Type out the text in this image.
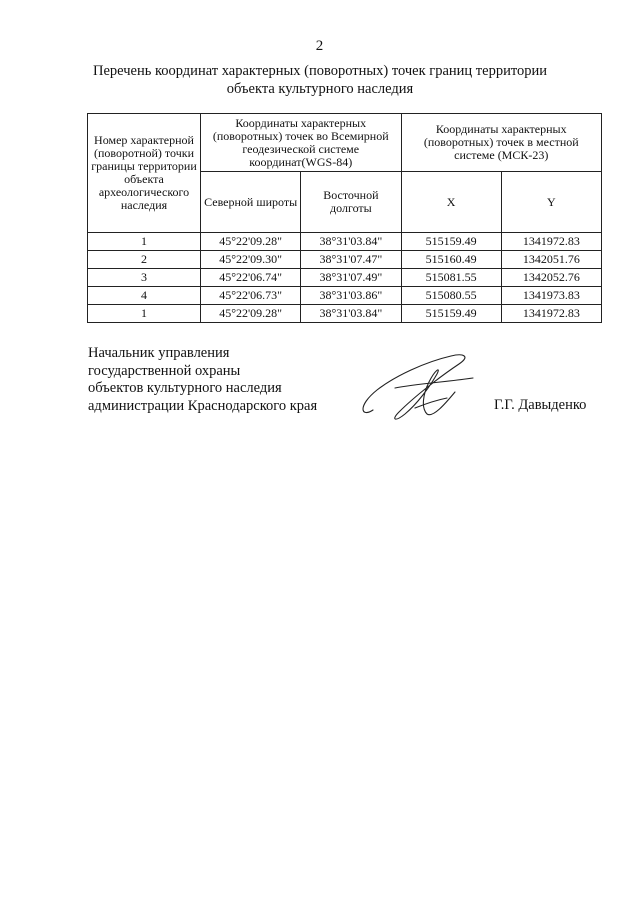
2
Перечень координат характерных (поворотных) точек границ территории
объекта культурного наследия
Номер характерной (поворотной) точки границы территории объекта археологического наследия	Координаты характерных (поворотных) точек во Всемирной геодезической системе координат(WGS-84)		Координаты характерных (поворотных) точек в местной системе (МСК-23)	
	Северной широты	Восточной долготы	X	Y
1	45°22'09.28"	38°31'03.84"	515159.49	1341972.83
2	45°22'09.30"	38°31'07.47"	515160.49	1342051.76
3	45°22'06.74"	38°31'07.49"	515081.55	1342052.76
4	45°22'06.73"	38°31'03.86"	515080.55	1341973.83
1	45°22'09.28"	38°31'03.84"	515159.49	1341972.83
Начальник управления
государственной охраны
объектов культурного наследия
администрации Краснодарского края	Г.Г. Давыденко
